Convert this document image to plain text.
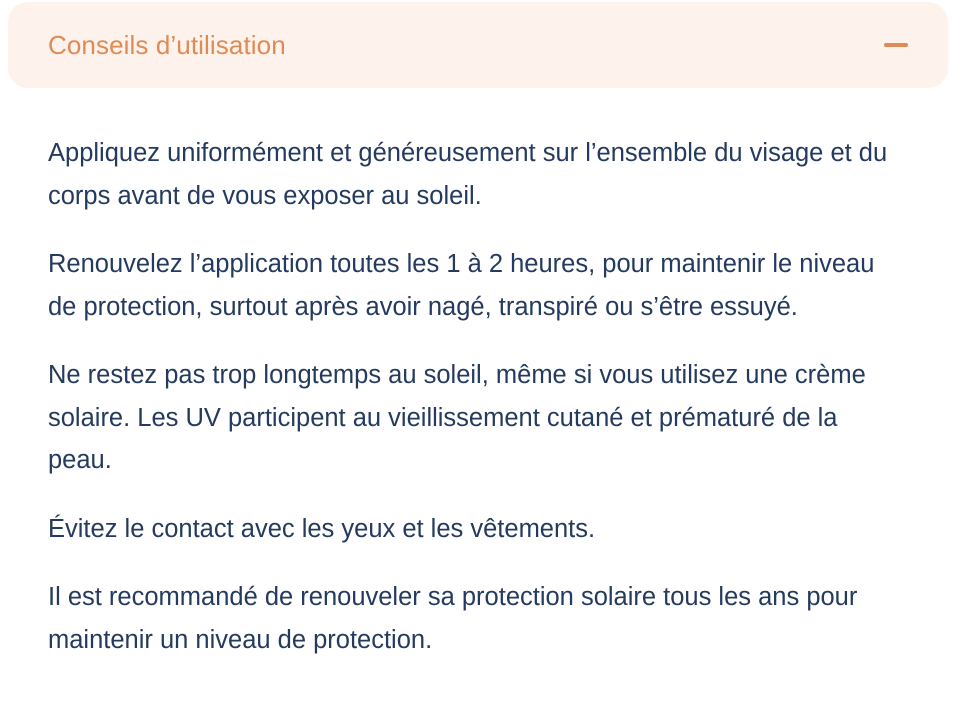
Conseils d’utilisation

Appliquez uniformément et généreusement sur l’ensemble du visage et du corps avant de vous exposer au soleil.

Renouvelez l’application toutes les 1 à 2 heures, pour maintenir le niveau de protection, surtout après avoir nagé, transpiré ou s’être essuyé.

Ne restez pas trop longtemps au soleil, même si vous utilisez une crème solaire. Les UV participent au vieillissement cutané et prématuré de la peau.

Évitez le contact avec les yeux et les vêtements.

Il est recommandé de renouveler sa protection solaire tous les ans pour maintenir un niveau de protection.
